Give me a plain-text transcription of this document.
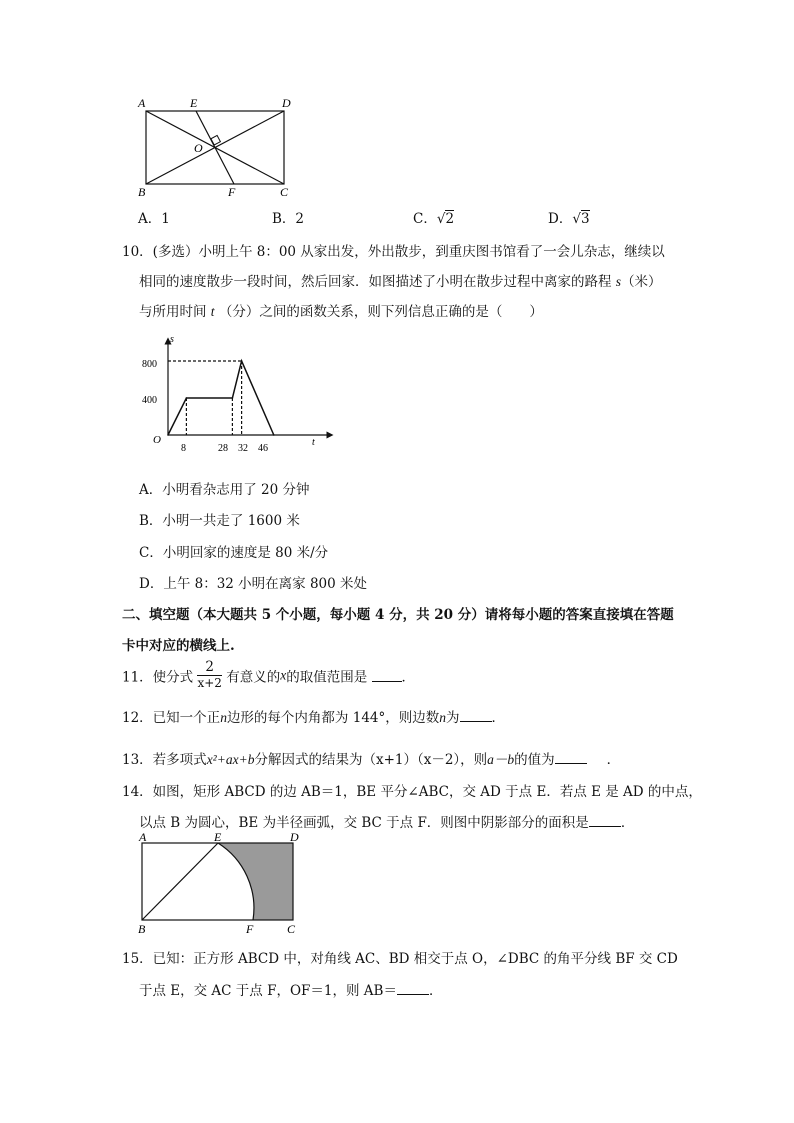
A	E	D
O
B	F	C
A．1	B．2	C．√2	D．√3
10．(多选）小明上午 8：00 从家出发，外出散步，到重庆图书馆看了一会儿杂志，继续以
相同的速度散步一段时间，然后回家．如图描述了小明在散步过程中离家的路程 s（米）
与所用时间 t （分）之间的函数关系，则下列信息正确的是（　　）
s
t
O
800
400
8	28 32 46
A．小明看杂志用了 20 分钟
B．小明一共走了 1600 米
C．小明回家的速度是 80 米/分
D．上午 8：32 小明在离家 800 米处
二、填空题（本大题共 5 个小题，每小题 4 分，共 20 分）请将每小题的答案直接填在答题
卡中对应的横线上.
11．使分式 $\frac{2}{x+2}$ 有意义的x的取值范围是	．
12．已知一个正n边形的每个内角都为 144°，则边数n为 ．
13．若多项式x²+ax+b分解因式的结果为（x+1）（x－2），则a－b的值为	．
14．如图，矩形 ABCD 的边 AB＝1，BE 平分∠ABC，交 AD 于点 E．若点 E 是 AD 的中点，
以点 B 为圆心，BE 为半径画弧，交 BC 于点 F．则图中阴影部分的面积是 ．
A	E	D
B	F	C
15．已知：正方形 ABCD 中，对角线 AC、BD 相交于点 O，∠DBC 的角平分线 BF 交 CD
于点 E，交 AC 于点 F，OF＝1，则 AB＝ ．
